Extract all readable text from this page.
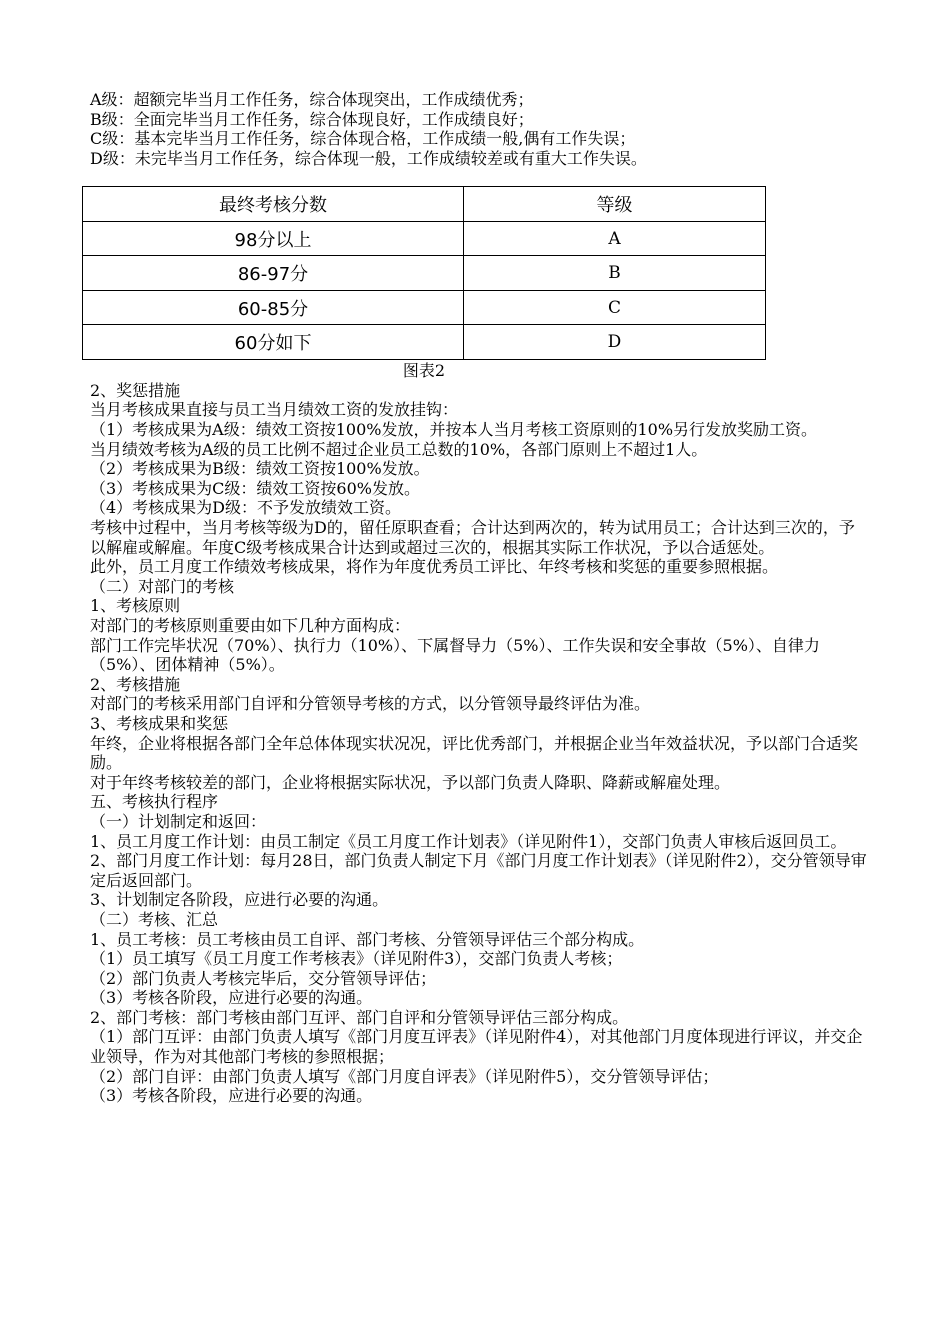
A级：超额完毕当月工作任务，综合体现突出，工作成绩优秀；
B级：全面完毕当月工作任务，综合体现良好，工作成绩良好；
C级：基本完毕当月工作任务，综合体现合格，工作成绩一般,偶有工作失误；
D级：未完毕当月工作任务，综合体现一般，工作成绩较差或有重大工作失误。
最终考核分数	等级
98分以上	A
86-97分	B
60-85分	C
60分如下	D
图表2
2、奖惩措施
当月考核成果直接与员工当月绩效工资的发放挂钩：
（1）考核成果为A级：绩效工资按100%发放，并按本人当月考核工资原则的10%另行发放奖励工资。
当月绩效考核为A级的员工比例不超过企业员工总数的10%，各部门原则上不超过1人。
（2）考核成果为B级：绩效工资按100%发放。
（3）考核成果为C级：绩效工资按60%发放。
（4）考核成果为D级：不予发放绩效工资。
考核中过程中，当月考核等级为D的，留任原职查看；合计达到两次的，转为试用员工；合计达到三次的，予以解雇或解雇。年度C级考核成果合计达到或超过三次的，根据其实际工作状况，予以合适惩处。
此外，员工月度工作绩效考核成果，将作为年度优秀员工评比、年终考核和奖惩的重要参照根据。
（二）对部门的考核
1、考核原则
对部门的考核原则重要由如下几种方面构成：
部门工作完毕状况（70%）、执行力（10%）、下属督导力（5%）、工作失误和安全事故（5%）、自律力（5%）、团体精神（5%）。
2、考核措施
对部门的考核采用部门自评和分管领导考核的方式，以分管领导最终评估为准。
3、考核成果和奖惩
年终，企业将根据各部门全年总体体现实状况况，评比优秀部门，并根据企业当年效益状况，予以部门合适奖励。
对于年终考核较差的部门，企业将根据实际状况，予以部门负责人降职、降薪或解雇处理。
五、考核执行程序
（一）计划制定和返回：
1、员工月度工作计划：由员工制定《员工月度工作计划表》（详见附件1），交部门负责人审核后返回员工。
2、部门月度工作计划：每月28日，部门负责人制定下月《部门月度工作计划表》（详见附件2），交分管领导审定后返回部门。
3、计划制定各阶段，应进行必要的沟通。
（二）考核、汇总
1、员工考核：员工考核由员工自评、部门考核、分管领导评估三个部分构成。
（1）员工填写《员工月度工作考核表》（详见附件3），交部门负责人考核；
（2）部门负责人考核完毕后，交分管领导评估；
（3）考核各阶段，应进行必要的沟通。
2、部门考核：部门考核由部门互评、部门自评和分管领导评估三部分构成。
（1）部门互评：由部门负责人填写《部门月度互评表》（详见附件4），对其他部门月度体现进行评议，并交企业领导，作为对其他部门考核的参照根据；
（2）部门自评：由部门负责人填写《部门月度自评表》（详见附件5），交分管领导评估；
（3）考核各阶段，应进行必要的沟通。
